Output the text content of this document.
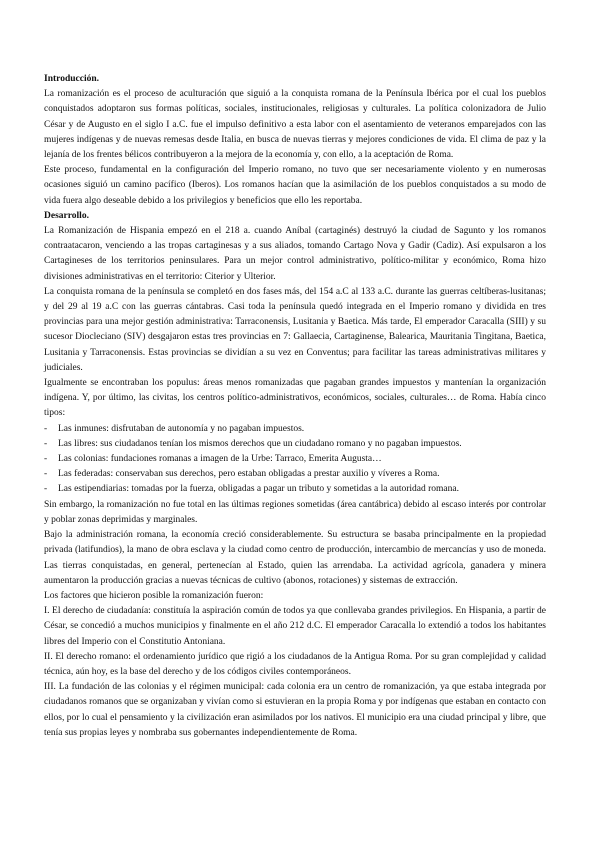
Introducción.

La romanización es el proceso de aculturación que siguió a la conquista romana de la Península Ibérica por el cual los pueblos conquistados adoptaron sus formas políticas, sociales, institucionales, religiosas y culturales. La política colonizadora de Julio César y de Augusto en el siglo I a.C. fue el impulso definitivo a esta labor con el asentamiento de veteranos emparejados con las mujeres indígenas y de nuevas remesas desde Italia, en busca de nuevas tierras y mejores condiciones de vida. El clima de paz y la lejanía de los frentes bélicos contribuyeron a la mejora de la economía y, con ello, a la aceptación de Roma.

Este proceso, fundamental en la configuración del Imperio romano, no tuvo que ser necesariamente violento y en numerosas ocasiones siguió un camino pacífico (Iberos). Los romanos hacían que la asimilación de los pueblos conquistados a su modo de vida fuera algo deseable debido a los privilegios y beneficios que ello les reportaba.

Desarrollo.

La Romanización de Hispania empezó en el 218 a. cuando Aníbal (cartaginés) destruyó la ciudad de Sagunto y los romanos contraatacaron, venciendo a las tropas cartaginesas y a sus aliados, tomando Cartago Nova y Gadir (Cadiz). Así expulsaron a los Cartagineses de los territorios peninsulares. Para un mejor control administrativo, político-militar y económico, Roma hizo divisiones administrativas en el territorio: Citerior y Ulterior.

La conquista romana de la península se completó en dos fases más, del 154 a.C al 133 a.C. durante las guerras celtíberas-lusitanas; y del 29 al 19 a.C con las guerras cántabras. Casi toda la península quedó integrada en el Imperio romano y dividida en tres provincias para una mejor gestión administrativa: Tarraconensis, Lusitania y Baetica. Más tarde, El emperador Caracalla (SIII) y su sucesor Diocleciano (SIV) desgajaron estas tres provincias en 7: Gallaecia, Cartaginense, Balearica, Mauritania Tingitana, Baetica, Lusitania y Tarraconensis. Estas provincias se dividían a su vez en Conventus; para facilitar las tareas administrativas militares y judiciales.

Igualmente se encontraban los populus: áreas menos romanizadas que pagaban grandes impuestos y mantenían la organización indígena. Y, por último, las civitas, los centros político-administrativos, económicos, sociales, culturales… de Roma. Había cinco tipos:

- Las inmunes: disfrutaban de autonomía y no pagaban impuestos.
- Las libres: sus ciudadanos tenían los mismos derechos que un ciudadano romano y no pagaban impuestos.
- Las colonias: fundaciones romanas a imagen de la Urbe: Tarraco, Emerita Augusta…
- Las federadas: conservaban sus derechos, pero estaban obligadas a prestar auxilio y víveres a Roma.
- Las estipendiarias: tomadas por la fuerza, obligadas a pagar un tributo y sometidas a la autoridad romana.

Sin embargo, la romanización no fue total en las últimas regiones sometidas (área cantábrica) debido al escaso interés por controlar y poblar zonas deprimidas y marginales.

Bajo la administración romana, la economía creció considerablemente. Su estructura se basaba principalmente en la propiedad privada (latifundios), la mano de obra esclava y la ciudad como centro de producción, intercambio de mercancías y uso de moneda. Las tierras conquistadas, en general, pertenecían al Estado, quien las arrendaba. La actividad agrícola, ganadera y minera aumentaron la producción gracias a nuevas técnicas de cultivo (abonos, rotaciones) y sistemas de extracción.

Los factores que hicieron posible la romanización fueron:

I. El derecho de ciudadanía: constituía la aspiración común de todos ya que conllevaba grandes privilegios. En Hispania, a partir de César, se concedió a muchos municipios y finalmente en el año 212 d.C. El emperador Caracalla lo extendió a todos los habitantes libres del Imperio con el Constitutio Antoniana.

II. El derecho romano: el ordenamiento jurídico que rigió a los ciudadanos de la Antigua Roma. Por su gran complejidad y calidad técnica, aún hoy, es la base del derecho y de los códigos civiles contemporáneos.

III. La fundación de las colonias y el régimen municipal: cada colonia era un centro de romanización, ya que estaba integrada por ciudadanos romanos que se organizaban y vivían como si estuvieran en la propia Roma y por indígenas que estaban en contacto con ellos, por lo cual el pensamiento y la civilización eran asimilados por los nativos. El municipio era una ciudad principal y libre, que tenía sus propias leyes y nombraba sus gobernantes independientemente de Roma.
